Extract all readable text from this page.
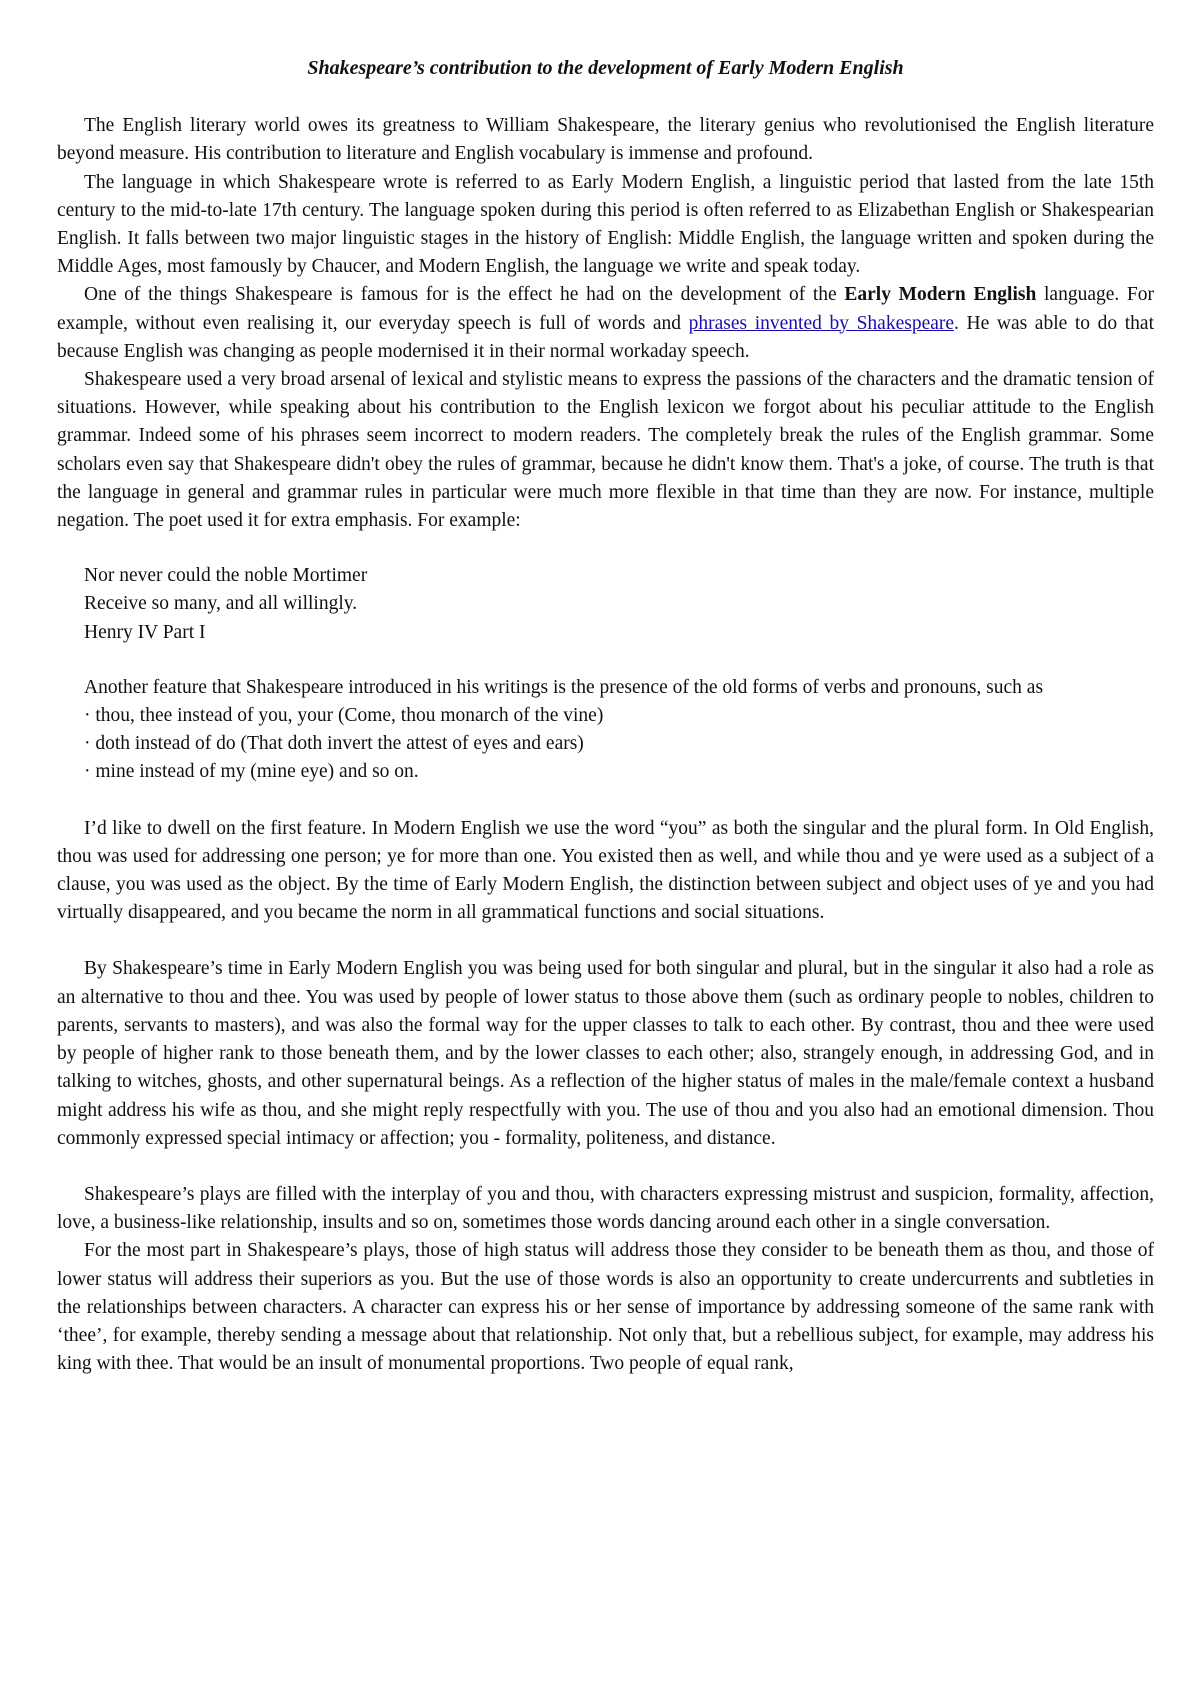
Shakespeare’s contribution to the development of Early Modern English

The English literary world owes its greatness to William Shakespeare, the literary genius who revolutionised the English literature beyond measure. His contribution to literature and English vocabulary is immense and profound.

The language in which Shakespeare wrote is referred to as Early Modern English, a linguistic period that lasted from the late 15th century to the mid-to-late 17th century. The language spoken during this period is often referred to as Elizabethan English or Shakespearian English. It falls between two major linguistic stages in the history of English: Middle English, the language written and spoken during the Middle Ages, most famously by Chaucer, and Modern English, the language we write and speak today.

One of the things Shakespeare is famous for is the effect he had on the development of the Early Modern English language. For example, without even realising it, our everyday speech is full of words and phrases invented by Shakespeare. He was able to do that because English was changing as people modernised it in their normal workaday speech.

Shakespeare used a very broad arsenal of lexical and stylistic means to express the passions of the characters and the dramatic tension of situations. However, while speaking about his contribution to the English lexicon we forgot about his peculiar attitude to the English grammar. Indeed some of his phrases seem incorrect to modern readers. The completely break the rules of the English grammar. Some scholars even say that Shakespeare didn't obey the rules of grammar, because he didn't know them. That's a joke, of course. The truth is that the language in general and grammar rules in particular were much more flexible in that time than they are now. For instance, multiple negation. The poet used it for extra emphasis. For example:

Nor never could the noble Mortimer
Receive so many, and all willingly.
Henry IV Part I

Another feature that Shakespeare introduced in his writings is the presence of the old forms of verbs and pronouns, such as

· thou, thee instead of you, your (Come, thou monarch of the vine)
· doth instead of do (That doth invert the attest of eyes and ears)
· mine instead of my (mine eye) and so on.

I’d like to dwell on the first feature. In Modern English we use the word “you” as both the singular and the plural form. In Old English, thou was used for addressing one person; ye for more than one. You existed then as well, and while thou and ye were used as a subject of a clause, you was used as the object. By the time of Early Modern English, the distinction between subject and object uses of ye and you had virtually disappeared, and you became the norm in all grammatical functions and social situations.

By Shakespeare’s time in Early Modern English you was being used for both singular and plural, but in the singular it also had a role as an alternative to thou and thee. You was used by people of lower status to those above them (such as ordinary people to nobles, children to parents, servants to masters), and was also the formal way for the upper classes to talk to each other. By contrast, thou and thee were used by people of higher rank to those beneath them, and by the lower classes to each other; also, strangely enough, in addressing God, and in talking to witches, ghosts, and other supernatural beings. As a reflection of the higher status of males in the male/female context a husband might address his wife as thou, and she might reply respectfully with you. The use of thou and you also had an emotional dimension. Thou commonly expressed special intimacy or affection; you - formality, politeness, and distance.

Shakespeare’s plays are filled with the interplay of you and thou, with characters expressing mistrust and suspicion, formality, affection, love, a business-like relationship, insults and so on, sometimes those words dancing around each other in a single conversation.

For the most part in Shakespeare’s plays, those of high status will address those they consider to be beneath them as thou, and those of lower status will address their superiors as you. But the use of those words is also an opportunity to create undercurrents and subtleties in the relationships between characters. A character can express his or her sense of importance by addressing someone of the same rank with ‘thee’, for example, thereby sending a message about that relationship. Not only that, but a rebellious subject, for example, may address his king with thee. That would be an insult of monumental proportions. Two people of equal rank,
